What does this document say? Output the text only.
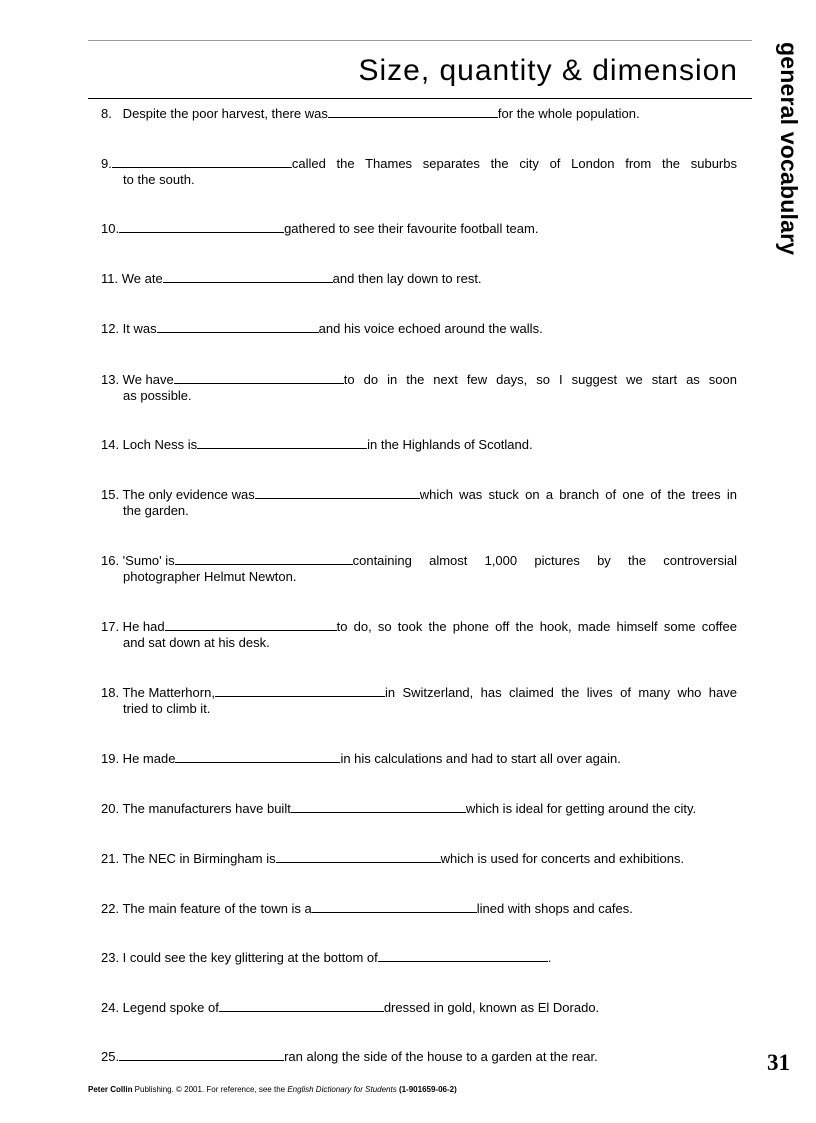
Size, quantity & dimension general vocabulary
8.   Despite the poor harvest, there was	for the whole population.
9.	called the Thames separates the city of London from the suburbs
to the south.
10.	gathered to see their favourite football team.
11. We ate	and then lay down to rest.
12. It was	and his voice echoed around the walls.
13. We have	to do in the next few days, so I suggest we start as soon
as possible.
14. Loch Ness is	in the Highlands of Scotland.
15. The only evidence was	which was stuck on a branch of one of the trees in
the garden.
16. 'Sumo' is	containing almost 1,000 pictures by the controversial
photographer Helmut Newton.
17. He had	to do, so took the phone off the hook, made himself some coffee
and sat down at his desk.
18. The Matterhorn,	in Switzerland, has claimed the lives of many who have
tried to climb it.
19. He made	in his calculations and had to start all over again.
20. The manufacturers have built	which is ideal for getting around the city.
21. The NEC in Birmingham is	which is used for concerts and exhibitions.
22. The main feature of the town is a	lined with shops and cafes.
23. I could see the key glittering at the bottom of	.
24. Legend spoke of	dressed in gold, known as El Dorado.
25.	ran along the side of the house to a garden at the rear.	31
Peter Collin Publishing. © 2001. For reference, see the English Dictionary for Students (1-901659-06-2)
